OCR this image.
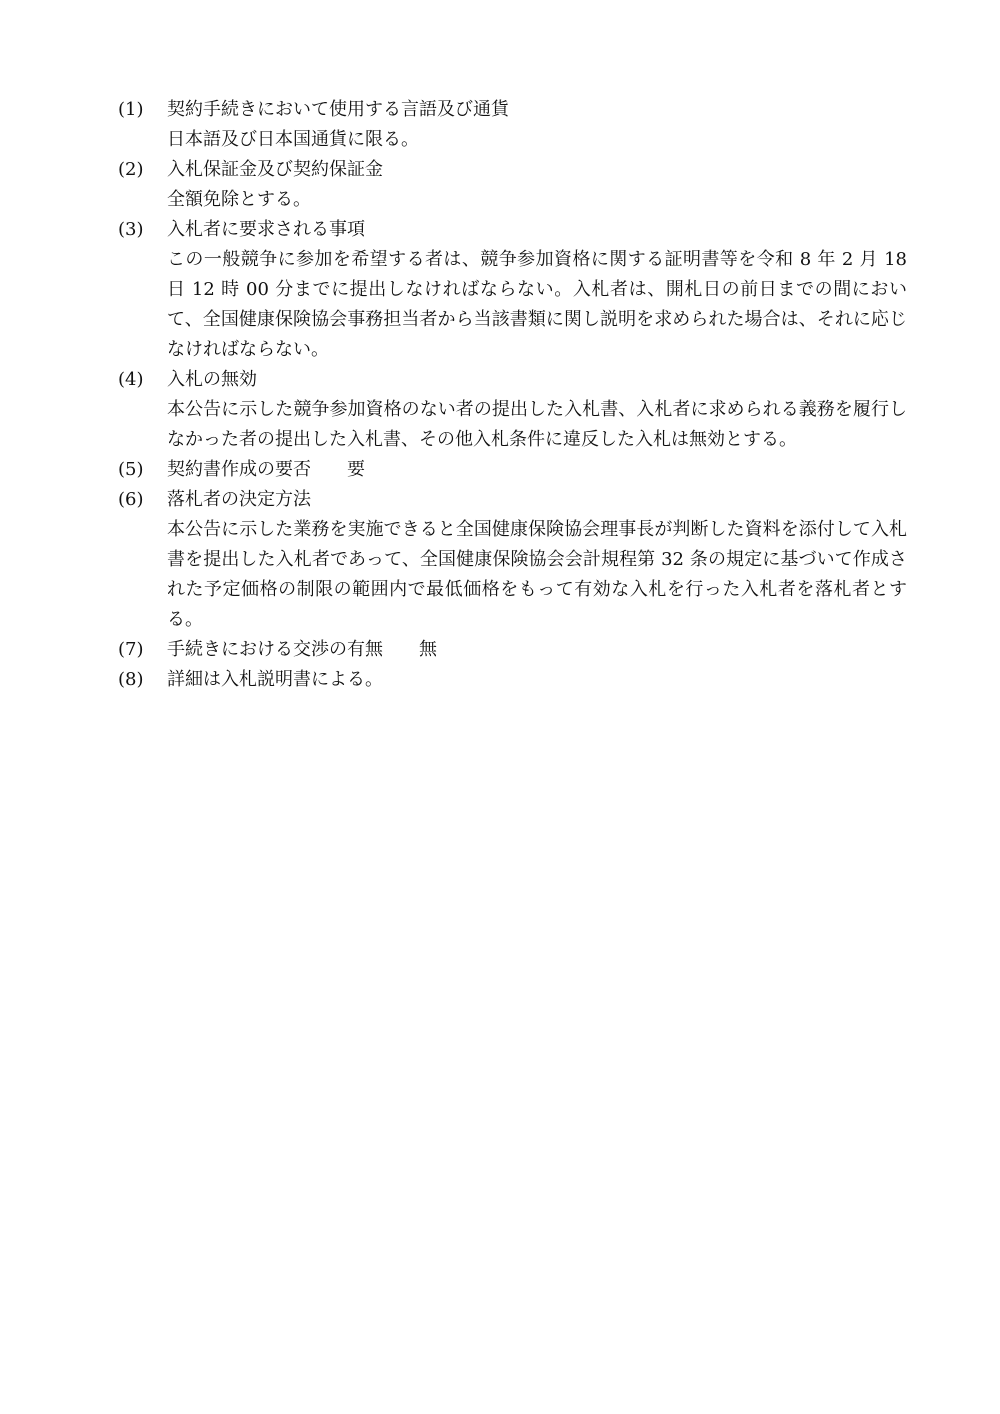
(1)	契約手続きにおいて使用する言語及び通貨
日本語及び日本国通貨に限る。
(2)	入札保証金及び契約保証金
全額免除とする。
(3)	入札者に要求される事項
この一般競争に参加を希望する者は、競争参加資格に関する証明書等を令和 8 年 2 月 18 日 12 時 00 分までに提出しなければならない。入札者は、開札日の前日までの間において、全国健康保険協会事務担当者から当該書類に関し説明を求められた場合は、それに応じなければならない。
(4)	入札の無効
本公告に示した競争参加資格のない者の提出した入札書、入札者に求められる義務を履行しなかった者の提出した入札書、その他入札条件に違反した入札は無効とする。
(5)	契約書作成の要否 要
(6)	落札者の決定方法
本公告に示した業務を実施できると全国健康保険協会理事長が判断した資料を添付して入札書を提出した入札者であって、全国健康保険協会会計規程第 32 条の規定に基づいて作成された予定価格の制限の範囲内で最低価格をもって有効な入札を行った入札者を落札者とする。
(7)	手続きにおける交渉の有無 無
(8)	詳細は入札説明書による。
